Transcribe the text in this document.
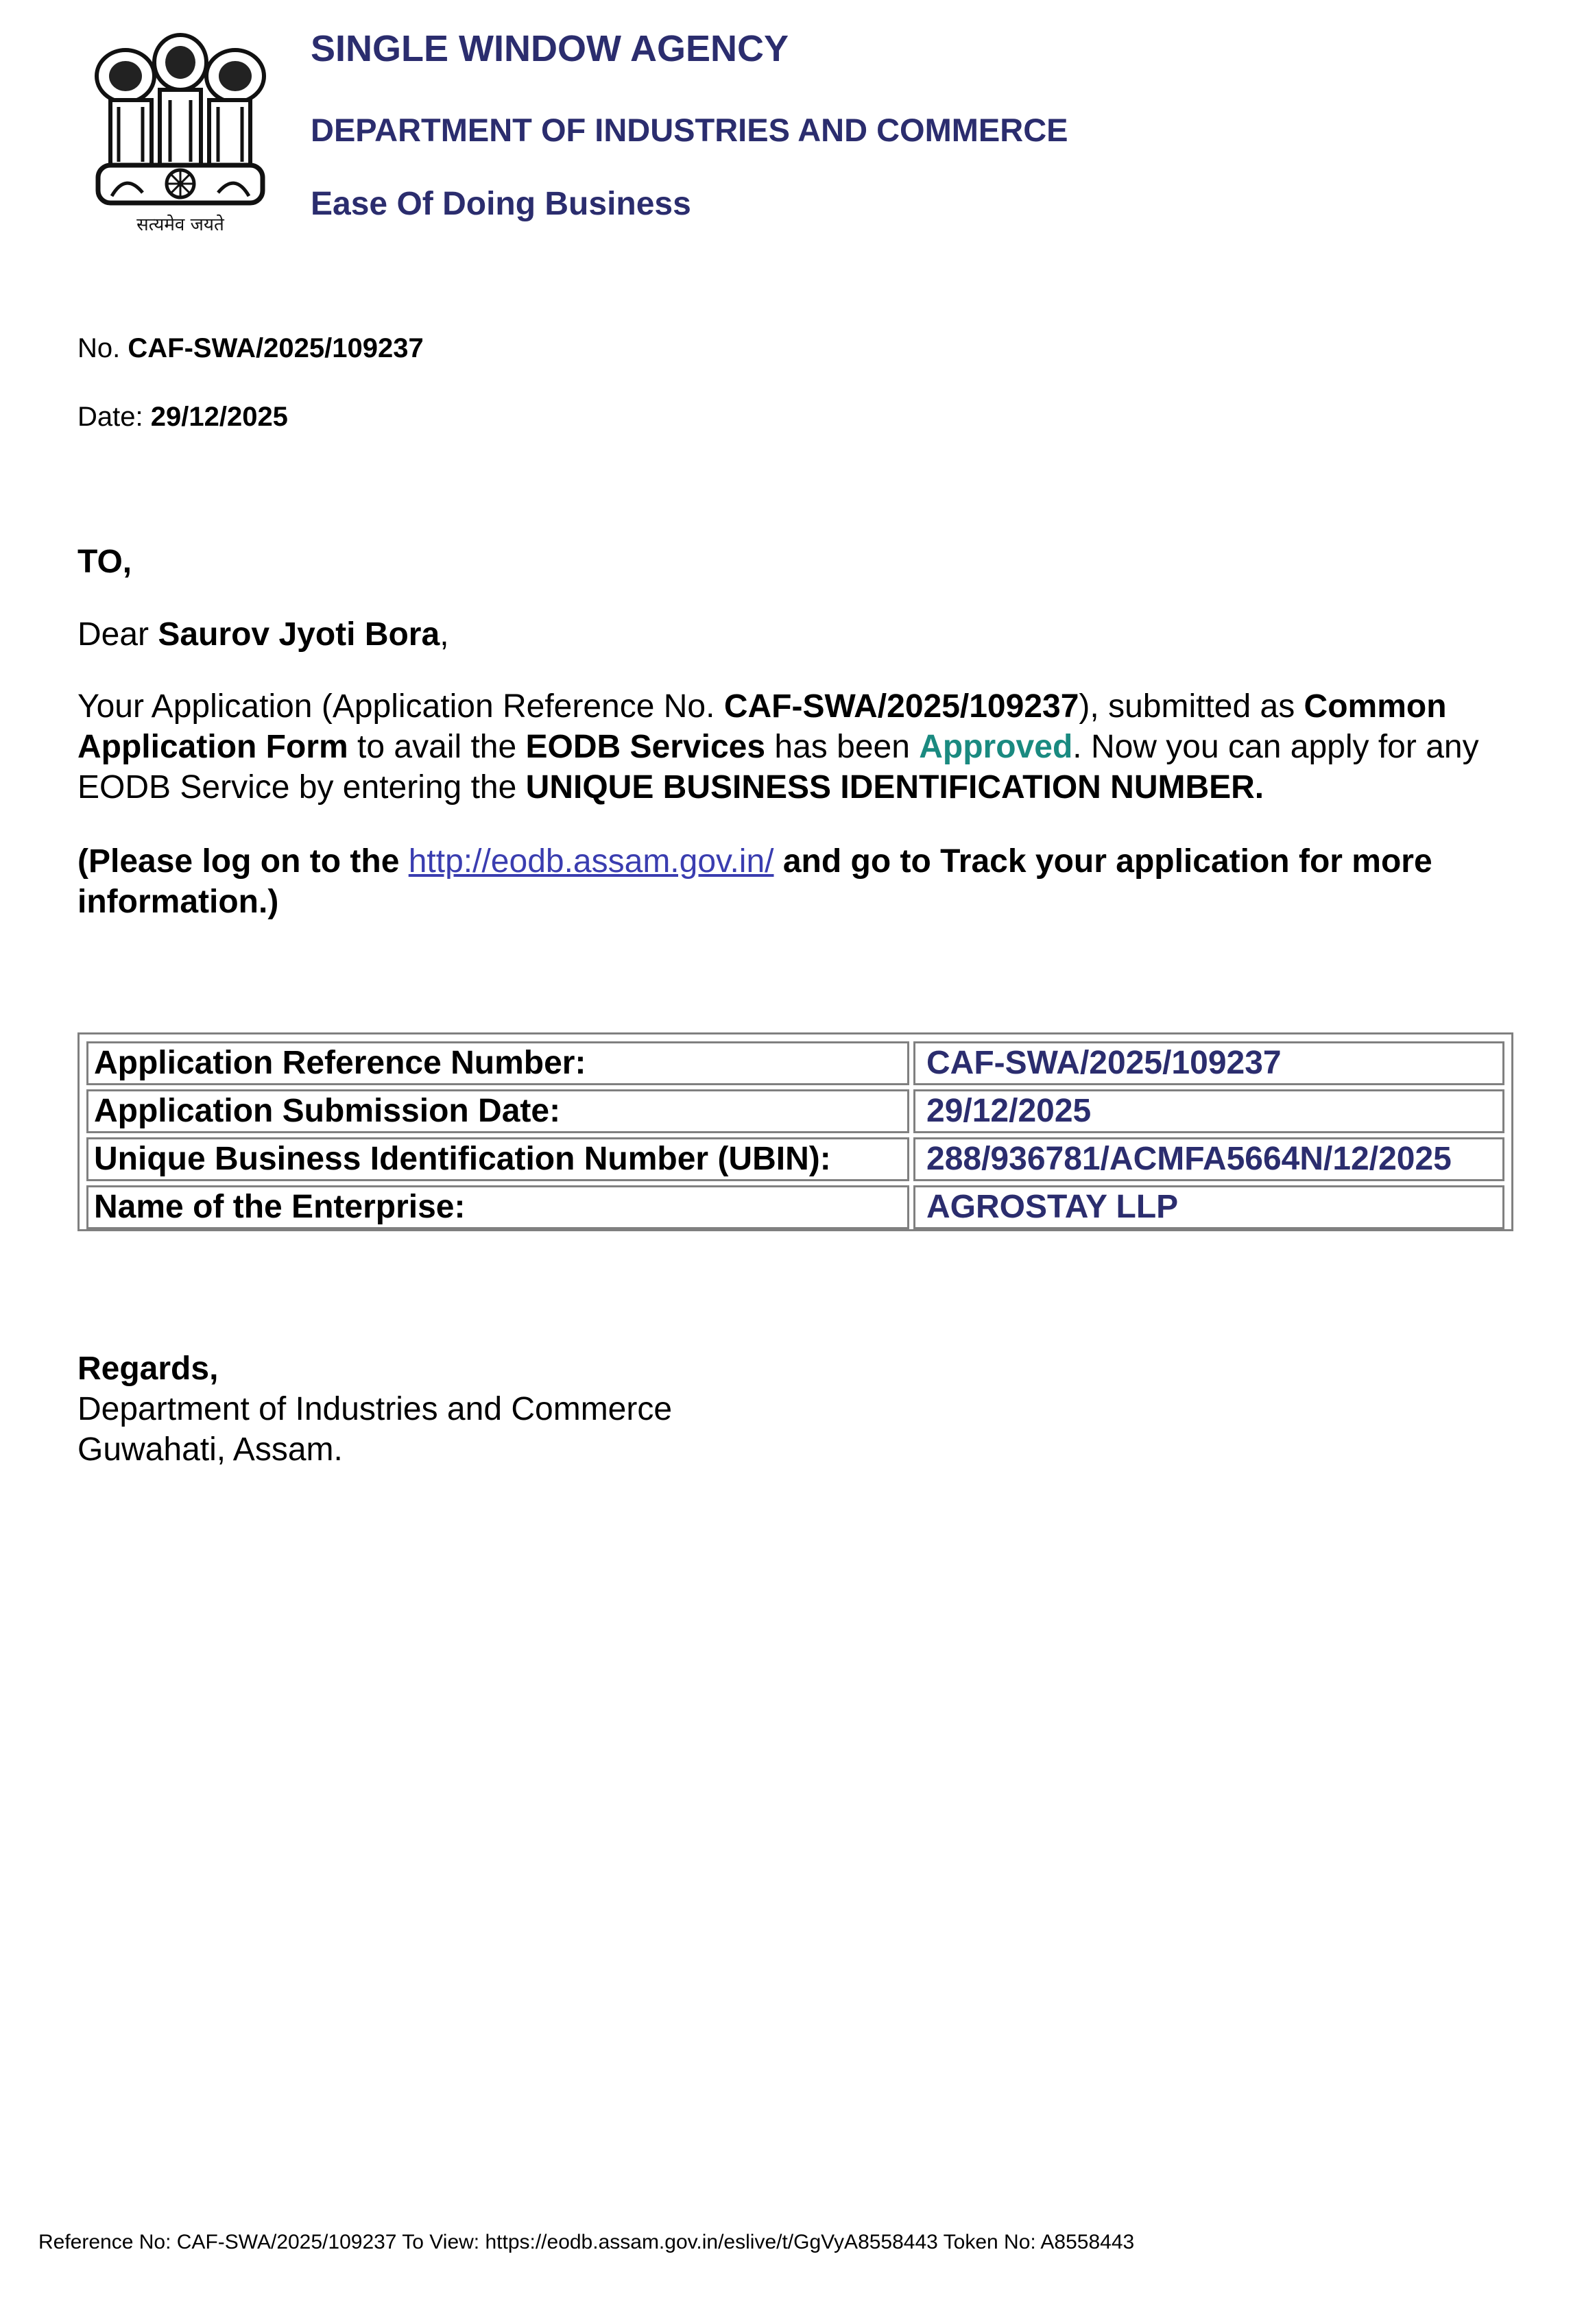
सत्यमेव जयते
SINGLE WINDOW AGENCY
DEPARTMENT OF INDUSTRIES AND COMMERCE
Ease Of Doing Business
No. CAF-SWA/2025/109237
Date: 29/12/2025
TO,
Dear Saurov Jyoti Bora,
Your Application (Application Reference No. CAF-SWA/2025/109237), submitted as Common Application Form to avail the EODB Services has been Approved. Now you can apply for any EODB Service by entering the UNIQUE BUSINESS IDENTIFICATION NUMBER.
(Please log on to the http://eodb.assam.gov.in/ and go to Track your application for more information.)
Application Reference Number:	CAF-SWA/2025/109237
Application Submission Date:	29/12/2025
Unique Business Identification Number (UBIN):	288/936781/ACMFA5664N/12/2025
Name of the Enterprise:	AGROSTAY LLP
Regards,
Department of Industries and Commerce
Guwahati, Assam.
Reference No: CAF-SWA/2025/109237 To View: https://eodb.assam.gov.in/eslive/t/GgVyA8558443 Token No: A8558443
